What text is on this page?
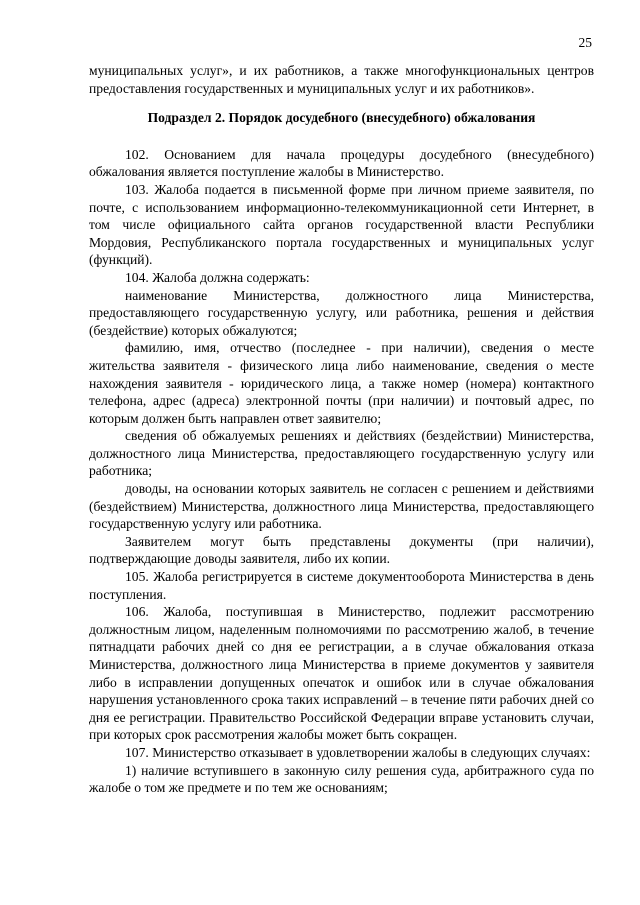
25

муниципальных услуг», и их работников, а также многофункциональных центров предоставления государственных и муниципальных услуг и их работников».

Подраздел 2. Порядок досудебного (внесудебного) обжалования

102. Основанием для начала процедуры досудебного (внесудебного) обжалования является поступление жалобы в Министерство.

103. Жалоба подается в письменной форме при личном приеме заявителя, по почте, с использованием информационно-телекоммуникационной сети Интернет, в том числе официального сайта органов государственной власти Республики Мордовия, Республиканского портала государственных и муниципальных услуг (функций).

104. Жалоба должна содержать:

наименование Министерства, должностного лица Министерства, предоставляющего государственную услугу, или работника, решения и действия (бездействие) которых обжалуются;

фамилию, имя, отчество (последнее - при наличии), сведения о месте жительства заявителя - физического лица либо наименование, сведения о месте нахождения заявителя - юридического лица, а также номер (номера) контактного телефона, адрес (адреса) электронной почты (при наличии) и почтовый адрес, по которым должен быть направлен ответ заявителю;

сведения об обжалуемых решениях и действиях (бездействии) Министерства, должностного лица Министерства, предоставляющего государственную услугу или работника;

доводы, на основании которых заявитель не согласен с решением и действиями (бездействием) Министерства, должностного лица Министерства, предоставляющего государственную услугу или работника.

Заявителем могут быть представлены документы (при наличии), подтверждающие доводы заявителя, либо их копии.

105. Жалоба регистрируется в системе документооборота Министерства в день поступления.

106. Жалоба, поступившая в Министерство, подлежит рассмотрению должностным лицом, наделенным полномочиями по рассмотрению жалоб, в течение пятнадцати рабочих дней со дня ее регистрации, а в случае обжалования отказа Министерства, должностного лица Министерства в приеме документов у заявителя либо в исправлении допущенных опечаток и ошибок или в случае обжалования нарушения установленного срока таких исправлений – в течение пяти рабочих дней со дня ее регистрации. Правительство Российской Федерации вправе установить случаи, при которых срок рассмотрения жалобы может быть сокращен.

107. Министерство отказывает в удовлетворении жалобы в следующих случаях:

1) наличие вступившего в законную силу решения суда, арбитражного суда по жалобе о том же предмете и по тем же основаниям;
